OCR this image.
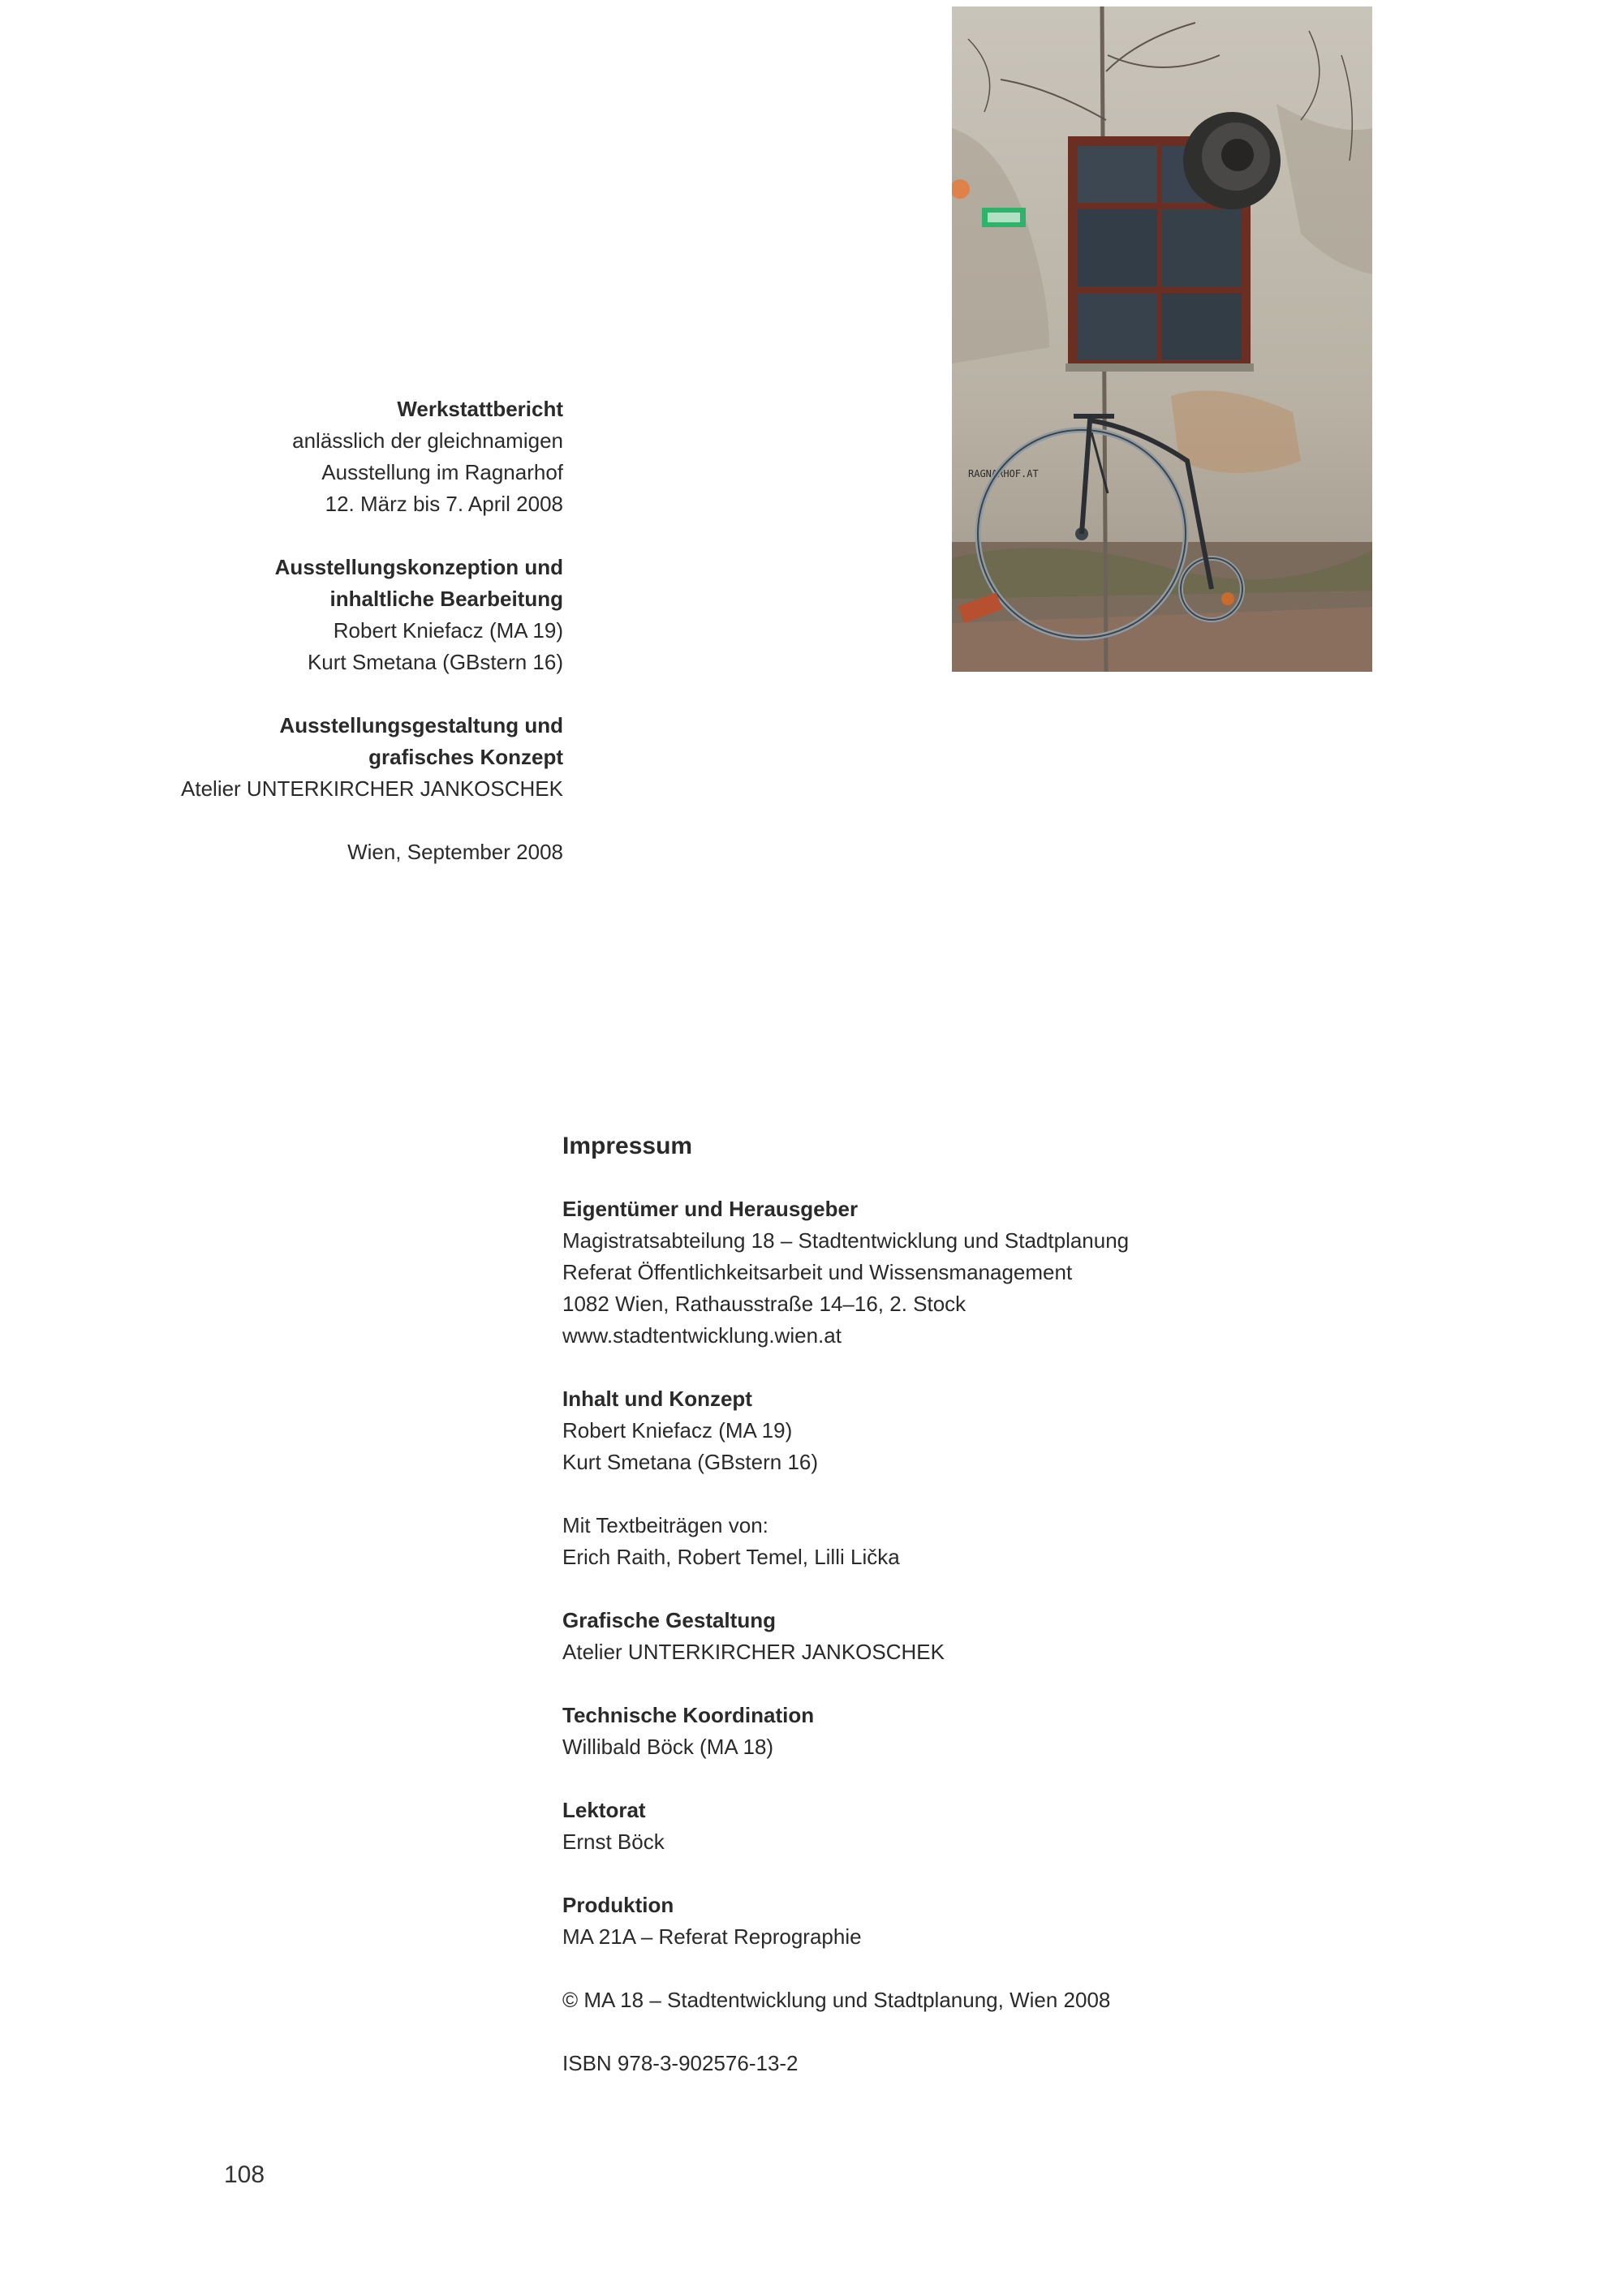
Werkstattbericht
anlässlich der gleichnamigen
Ausstellung im Ragnarhof
12. März bis 7. April 2008
Ausstellungskonzeption und
inhaltliche Bearbeitung
Robert Kniefacz (MA 19)
Kurt Smetana (GBstern 16)
Ausstellungsgestaltung und
grafisches Konzept
Atelier UNTERKIRCHER JANKOSCHEK
Wien, September 2008
RAGNARHOF.AT
Impressum
Eigentümer und Herausgeber
Magistratsabteilung 18 – Stadtentwicklung und Stadtplanung
Referat Öffentlichkeitsarbeit und Wissensmanagement
1082 Wien, Rathausstraße 14–16, 2. Stock
www.stadtentwicklung.wien.at
Inhalt und Konzept
Robert Kniefacz (MA 19)
Kurt Smetana (GBstern 16)
Mit Textbeiträgen von:
Erich Raith, Robert Temel, Lilli Lička
Grafische Gestaltung
Atelier UNTERKIRCHER JANKOSCHEK
Technische Koordination
Willibald Böck (MA 18)
Lektorat
Ernst Böck
Produktion
MA 21A – Referat Reprographie
© MA 18 – Stadtentwicklung und Stadtplanung, Wien 2008
ISBN 978-3-902576-13-2
108
